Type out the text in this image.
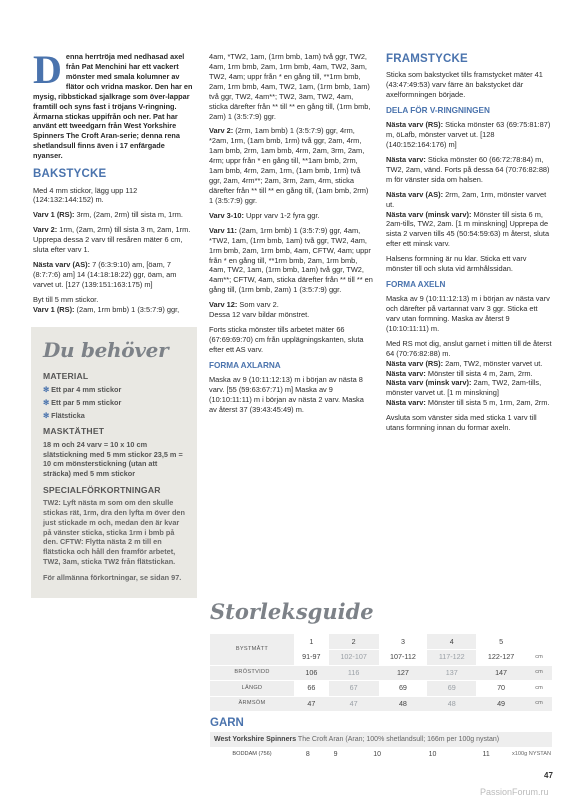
Denna herrtröja med nedhasad axel från Pat Menchini har ett vackert mönster med smala kolumner av flätor och vridna maskor. Den har en mysig, ribbstickad sjalkrage som över-lappar framtill och syns fast i tröjans V-ringning. Ärmarna stickas uppifrån och ner. Pat har använt ett tweedgarn från West Yorkshire Spinners The Croft Aran-serie; denna rena shetlandsull finns även i 17 enfärgade nyanser.

BAKSTYCKE

Med 4 mm stickor, lägg upp 112 (124:132:144:152) m.

Varv 1 (RS): 3rm, (2am, 2rm) till sista m, 1rm.

Varv 2: 1rm, (2am, 2rm) till sista 3 m, 2am, 1rm.
Upprepa dessa 2 varv till resåren mäter 6 cm, sluta efter varv 1.

Nästa varv (AS): 7 (6:3:9:10) am, [öam, 7 (8:7:7:6) am] 14 (14:18:18:22) ggr, öam, am varvet ut. [127 (139:151:163:175) m]

Byt till 5 mm stickor.
Varv 1 (RS): (2am, 1rm bmb) 1 (3:5:7:9) ggr,

Du behöver
MATERIAL

✻ Ett par 4 mm stickor

✻ Ett par 5 mm stickor

✻ Flätsticka

MASKTÄTHET

18 m och 24 varv = 10 x 10 cm slätstickning med 5 mm stickor 23,5 m = 10 cm mönsterstickning (utan att sträcka) med 5 mm stickor

SPECIALFÖRKORTNINGAR

TW2: Lyft nästa m som om den skulle stickas rät, 1rm, dra den lyfta m över den just stickade m och, medan den är kvar på vänster sticka, sticka 1rm i bmb på den. CFTW: Flytta nästa 2 m till en flätsticka och håll den framför arbetet, TW2, 3am, sticka TW2 från flätstickan.

För allmänna förkortningar, se sidan 97.

4am, *TW2, 1am, (1rm bmb, 1am) två ggr, TW2, 4am, 1rm bmb, 2am, 1rm bmb, 4am, TW2, 3am, TW2, 4am; uppr från * en gång till, **1rm bmb, 2am, 1rm bmb, 4am, TW2, 1am, (1rm bmb, 1am) två ggr, TW2, 4am**; TW2, 3am, TW2, 4am, sticka därefter från ** till ** en gång till, (1rm bmb, 2am) 1 (3:5:7:9) ggr.

Varv 2: (2rm, 1am bmb) 1 (3:5:7:9) ggr, 4rm, *2am, 1rm, (1am bmb, 1rm) två ggr, 2am, 4rm, 1am bmb, 2rm, 1am bmb, 4rm, 2am, 3rm, 2am, 4rm; uppr från * en gång till, **1am bmb, 2rm, 1am bmb, 4rm, 2am, 1rm, (1am bmb, 1rm) två ggr, 2am, 4rm**; 2am, 3rm, 2am, 4rm, sticka därefter från ** till ** en gång till, (1am bmb, 2rm) 1 (3:5:7:9) ggr.

Varv 3-10: Uppr varv 1-2 fyra ggr.

Varv 11: (2am, 1rm bmb) 1 (3:5:7:9) ggr, 4am, *TW2, 1am, (1rm bmb, 1am) två ggr, TW2, 4am, 1rm bmb, 2am, 1rm bmb, 4am, CFTW, 4am; uppr från * en gång till, **1rm bmb, 2am, 1rm bmb, 4am, TW2, 1am, (1rm bmb, 1am) två ggr, TW2, 4am**; CFTW, 4am, sticka därefter från ** till ** en gång till, (1rm bmb, 2am) 1 (3:5:7:9) ggr.

Varv 12: Som varv 2.
Dessa 12 varv bildar mönstret.

Forts sticka mönster tills arbetet mäter 66 (67:69:69:70) cm från upplägningskanten, sluta efter ett AS varv.

FORMA AXLARNA

Maska av 9 (10:11:12:13) m i början av nästa 8 varv. [55 (59:63:67:71) m] Maska av 9 (10:10:11:11) m i början av nästa 2 varv. Maska av återst 37 (39:43:45:49) m.

FRAMSTYCKE

Sticka som bakstycket tills framstycket mäter 41 (43:47:49:53) varv färre än bakstycket där axelformningen började.

DELA FÖR V-RINGNINGEN

Nästa varv (RS): Sticka mönster 63 (69:75:81:87) m, öLafb, mönster varvet ut. [128 (140:152:164:176) m]

Nästa varv: Sticka mönster 60 (66:72:78:84) m, TW2, 2am, vänd. Forts på dessa 64 (70:76:82:88) m för vänster sida om halsen.

Nästa varv (AS): 2rm, 2am, 1rm, mönster varvet ut.
Nästa varv (minsk varv): Mönster till sista 6 m, 2am-tills, TW2, 2am. [1 m minskning] Upprepa de sista 2 varven tills 45 (50:54:59:63) m återst, sluta efter ett minsk varv.

Halsens formning är nu klar. Sticka ett varv mönster till och sluta vid ärmhålssidan.

FORMA AXELN

Maska av 9 (10:11:12:13) m i början av nästa varv och därefter på vartannat varv 3 ggr. Sticka ett varv utan formning. Maska av återst 9 (10:10:11:11) m.

Med RS mot dig, anslut garnet i mitten till de återst 64 (70:76:82:88) m.
Nästa varv (RS): 2am, TW2, mönster varvet ut.
Nästa varv: Mönster till sista 4 m, 2am, 2rm.
Nästa varv (minsk varv): 2am, TW2, 2am-tills, mönster varvet ut. [1 m minskning]
Nästa varv: Mönster till sista 5 m, 1rm, 2am, 2rm.

Avsluta som vänster sida med sticka 1 varv till utans formning innan du formar axeln.

Storleksguide
BYSTMÅTT	1	2	3	4	5	
	91-97	102-107	107-112	117-122	122-127	cm
BRÖSTVIDD	106	116	127	137	147	cm
LÄNGD	66	67	69	69	70	cm
ÄRMSÖM	47	47	48	48	49	cm
GARN
West Yorkshire Spinners The Croft Aran (Aran; 100% shetlandsull; 166m per 100g nystan)
BODDAM (756)	8	9	10	10	11	x100g NYSTAN
47
PassionForum.ru
